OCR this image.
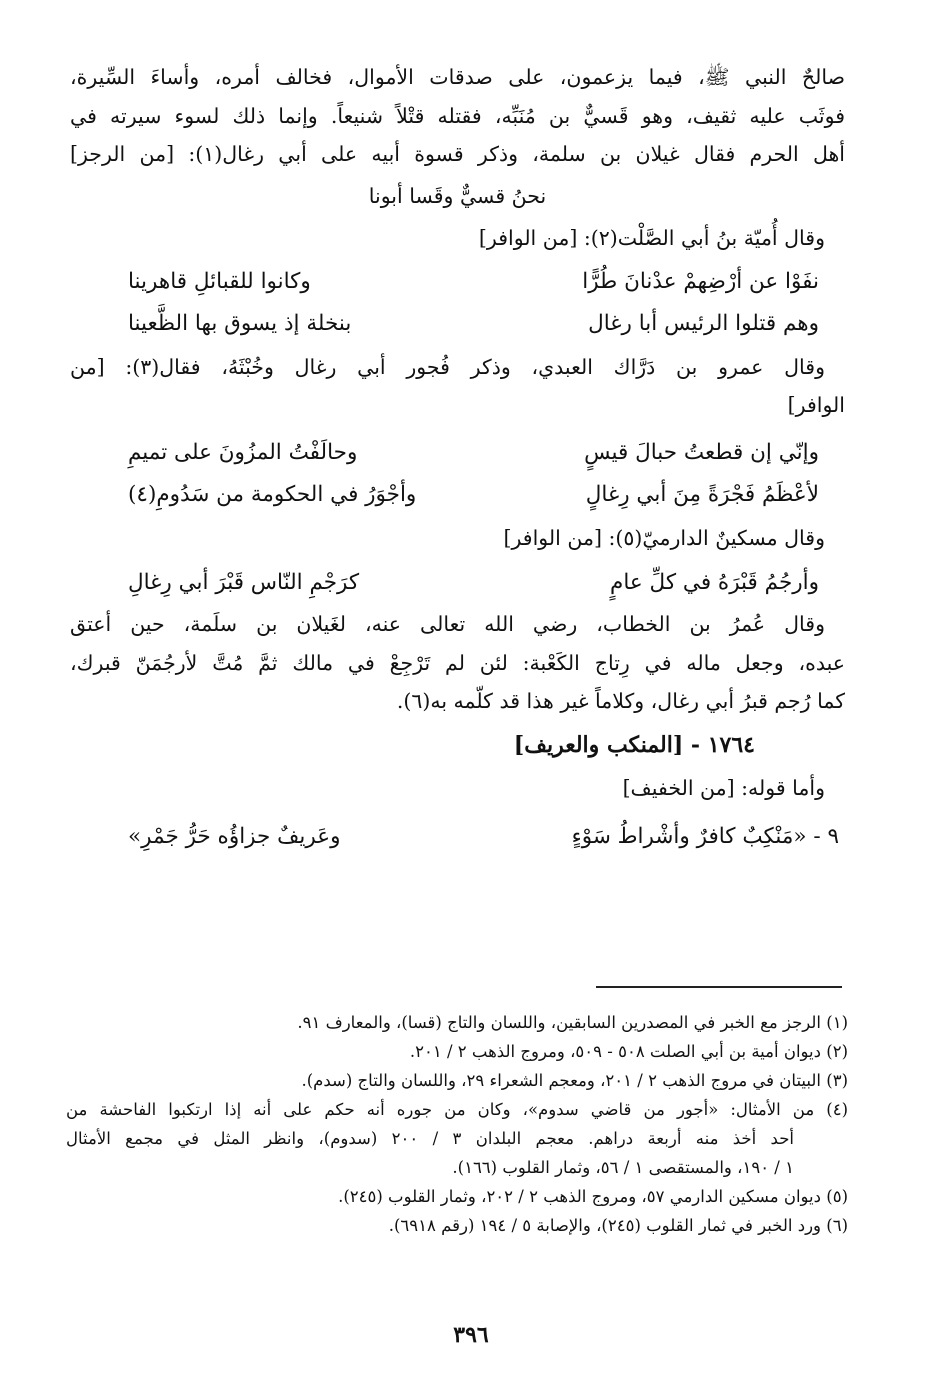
صالحٌ النبي ﷺ، فيما يزعمون، على صدقات الأموال، فخالف أمره، وأساءَ السِّيرة،
فوثَب عليه ثقيف، وهو قَسيٌّ بن مُنَبِّه، فقتله قتْلاً شنيعاً. وإنما ذلك لسوء سيرته في
أهل الحرم فقال غيلان بن سلمة، وذكر قسوة أبيه على أبي رغال(١): [من الرجز]
نحنُ قسيٌّ وقَسا أبونا
وقال أُميّة بنُ أبي الصَّلْت(٢): [من الوافر]
نفَوْا عن أرْضِهمْ عدْنانَ طُرًّا
وكانوا للقبائلِ قاهرينا
وهم قتلوا الرئيس أبا رغال
بنخلة إذ يسوق بها الظَّعينا
وقال عمرو بن دَرَّاك العبدي، وذكر فُجور أبي رغال وخُبْثَهُ، فقال(٣): [من
الوافر]
وإنّي إن قطعتُ حبالَ قيسٍ
وحالَفْتُ المزُونَ على تميمِ
لأعْظَمُ فَجْرَةً مِنَ أبي رِغالٍ
وأجْوَرُ في الحكومة من سَدُومِ(٤)
وقال مسكينٌ الدارميّ(٥): [من الوافر]
وأرجُمُ قَبْرَهُ في كلِّ عامٍ
كرَجْمِ النّاس قَبْرَ أبي رِغالِ
وقال عُمرُ بن الخطاب، رضي الله تعالى عنه، لغَيلان بن سلَمة، حين أعتق
عبده، وجعل ماله في رِتاج الكَعْبة: لئن لم تَرْجِعْ في مالك ثمَّ مُتَّ لأرجُمَنّ قبرك،
كما رُجم قبرُ أبي رغال، وكلاماً غير هذا قد كلّمه به(٦).
١٧٦٤ - [المنكب والعريف]
وأما قوله: [من الخفيف]
٩ - «مَنْكِبٌ كافرٌ وأشْراطُ سَوْءٍ
وعَريفٌ جزاؤُه حَرُّ جَمْرِ»
(١) الرجز مع الخبر في المصدرين السابقين، واللسان والتاج (قسا)، والمعارف ٩١.
(٢) ديوان أمية بن أبي الصلت ٥٠٨ - ٥٠٩، ومروج الذهب ٢ / ٢٠١.
(٣) البيتان في مروج الذهب ٢ / ٢٠١، ومعجم الشعراء ٢٩، واللسان والتاج (سدم).
(٤) من الأمثال: «أجور من قاضي سدوم»، وكان من جوره أنه حكم على أنه إذا ارتكبوا الفاحشة من
أحد أخذ منه أربعة دراهم. معجم البلدان ٣ / ٢٠٠ (سدوم)، وانظر المثل في مجمع الأمثال
١ / ١٩٠، والمستقصى ١ / ٥٦، وثمار القلوب (١٦٦).
(٥) ديوان مسكين الدارمي ٥٧، ومروج الذهب ٢ / ٢٠٢، وثمار القلوب (٢٤٥).
(٦) ورد الخبر في ثمار القلوب (٢٤٥)، والإصابة ٥ / ١٩٤ (رقم ٦٩١٨).
٣٩٦
